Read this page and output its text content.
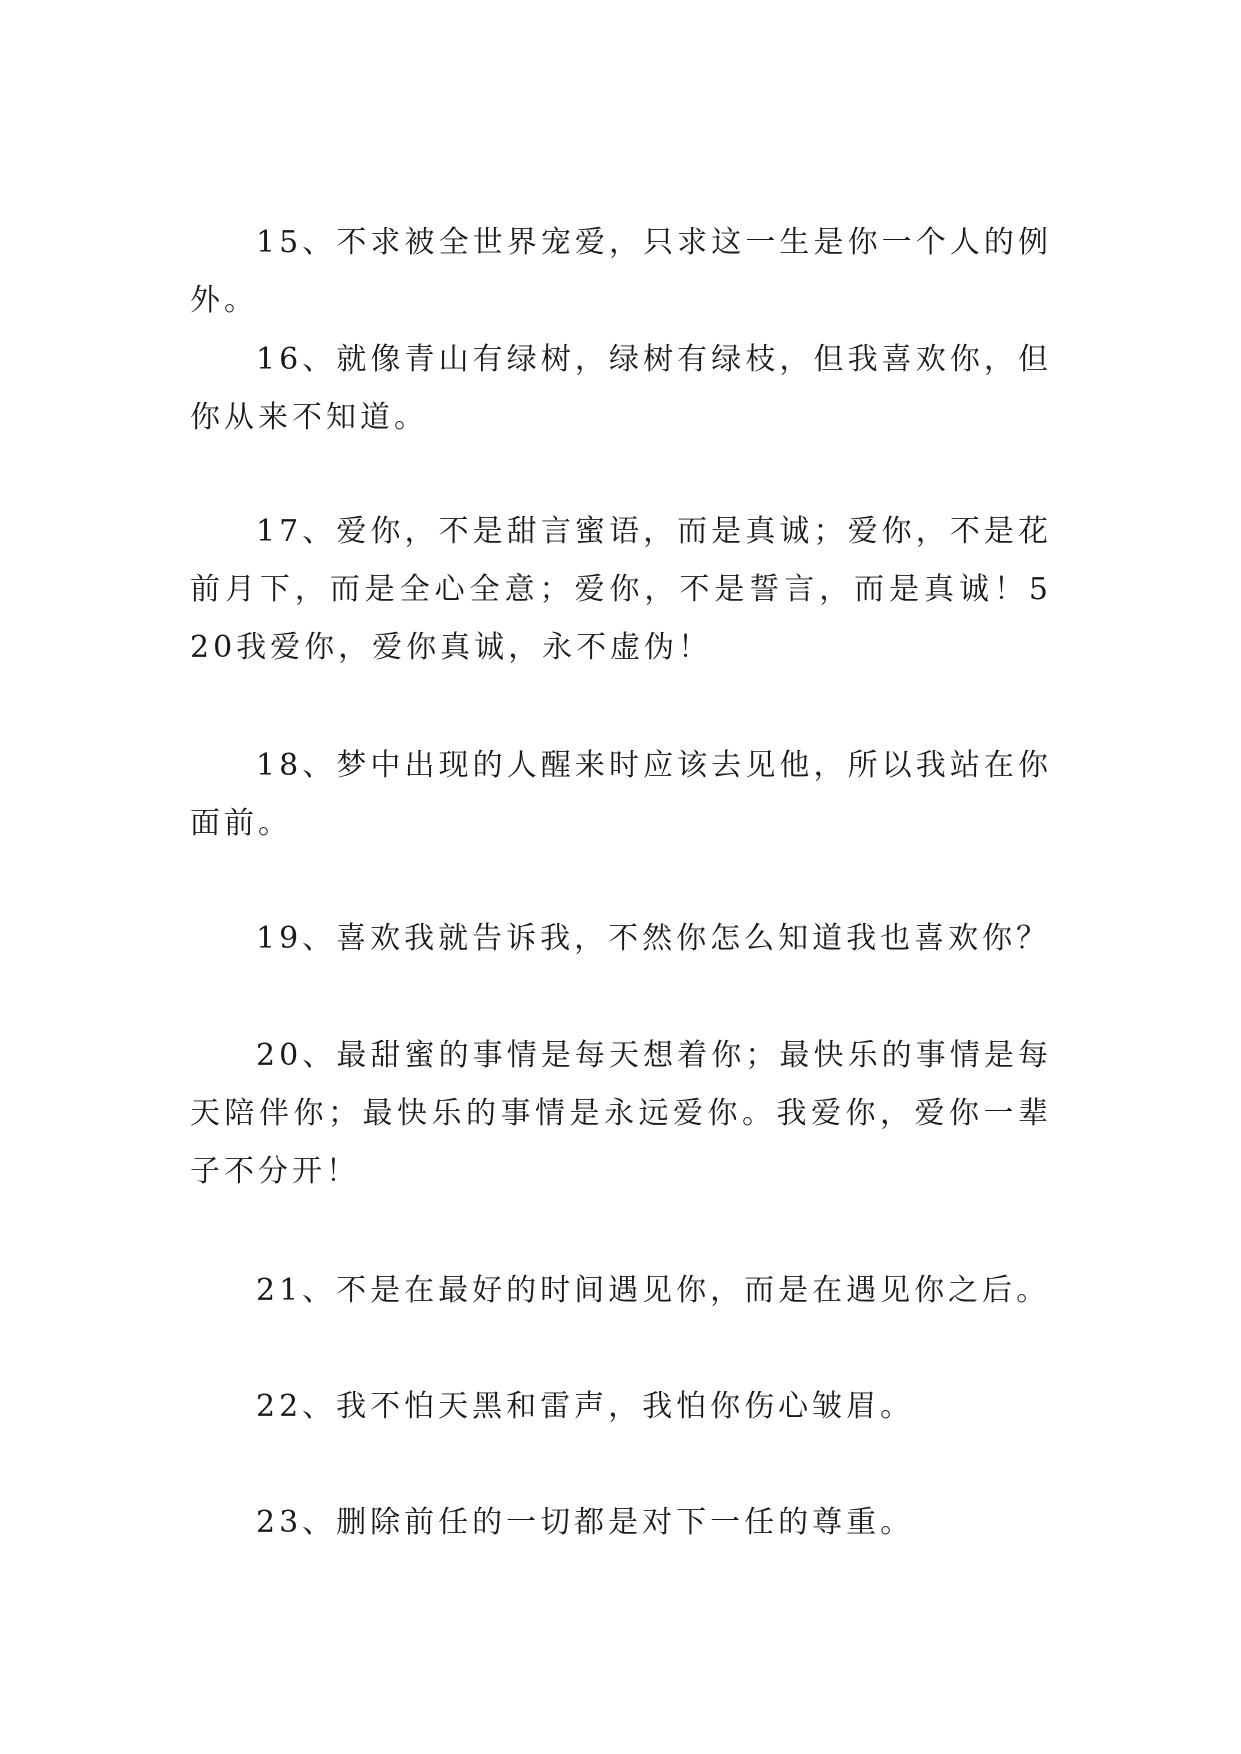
15、不求被全世界宠爱，只求这一生是你一个人的例外。

16、就像青山有绿树，绿树有绿枝，但我喜欢你，但你从来不知道。

17、爱你，不是甜言蜜语，而是真诚；爱你，不是花前月下，而是全心全意；爱你，不是誓言，而是真诚！520我爱你，爱你真诚，永不虚伪！

18、梦中出现的人醒来时应该去见他，所以我站在你面前。

19、喜欢我就告诉我，不然你怎么知道我也喜欢你？

20、最甜蜜的事情是每天想着你；最快乐的事情是每天陪伴你；最快乐的事情是永远爱你。我爱你，爱你一辈子不分开！

21、不是在最好的时间遇见你，而是在遇见你之后。

22、我不怕天黑和雷声，我怕你伤心皱眉。

23、删除前任的一切都是对下一任的尊重。
